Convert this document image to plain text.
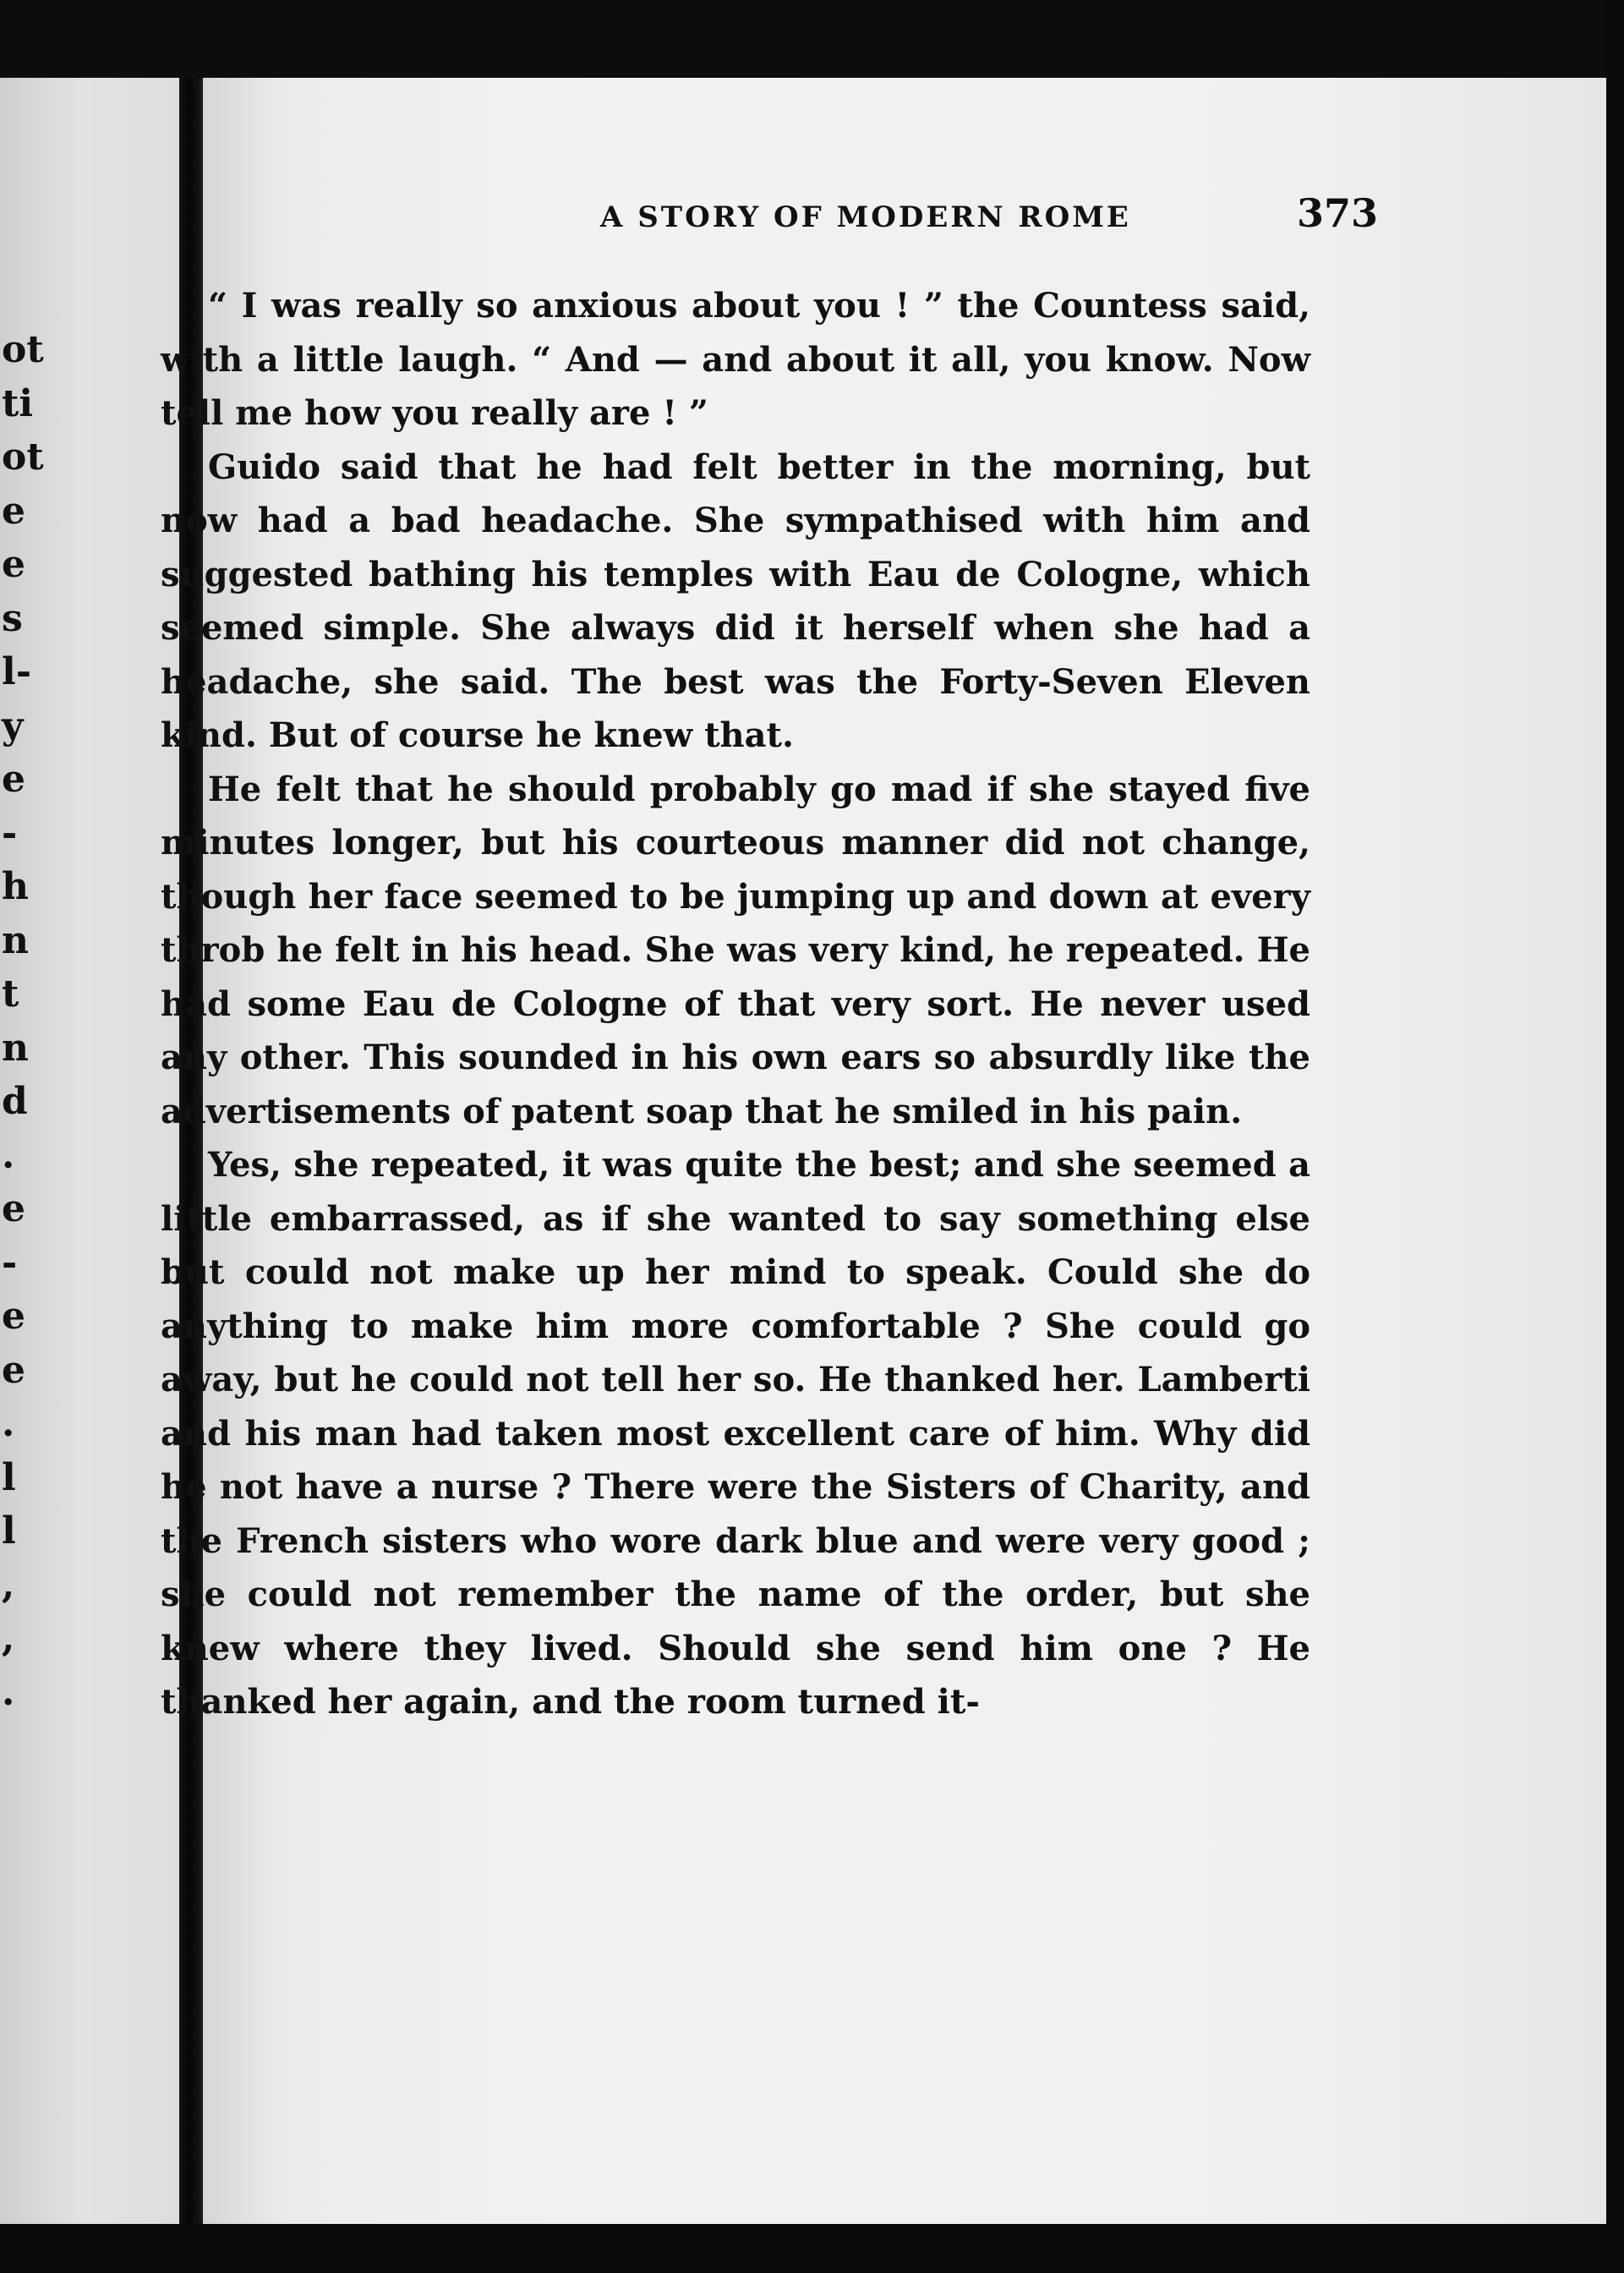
ot
ti
ot
e
e
s
l-
y
e
-
h
n
t
n
d
.
e
-
e
e
.
l
l
,
,
.
A STORY OF MODERN ROME	373

“ I was really so anxious about you ! ” the Countess said, with a little laugh. “ And — and about it all, you know. Now tell me how you really are ! ”

Guido said that he had felt better in the morning, but now had a bad headache. She sympathised with him and suggested bathing his temples with Eau de Cologne, which seemed simple. She always did it herself when she had a headache, she said. The best was the Forty-Seven Eleven kind. But of course he knew that.

He felt that he should probably go mad if she stayed five minutes longer, but his courteous manner did not change, though her face seemed to be jumping up and down at every throb he felt in his head. She was very kind, he repeated. He had some Eau de Cologne of that very sort. He never used any other. This sounded in his own ears so absurdly like the advertisements of patent soap that he smiled in his pain.

Yes, she repeated, it was quite the best; and she seemed a little embarrassed, as if she wanted to say something else but could not make up her mind to speak. Could she do anything to make him more comfortable ? She could go away, but he could not tell her so. He thanked her. Lamberti and his man had taken most excellent care of him. Why did he not have a nurse ? There were the Sisters of Charity, and the French sisters who wore dark blue and were very good ; she could not remember the name of the order, but she knew where they lived. Should she send him one ? He thanked her again, and the room turned it-
